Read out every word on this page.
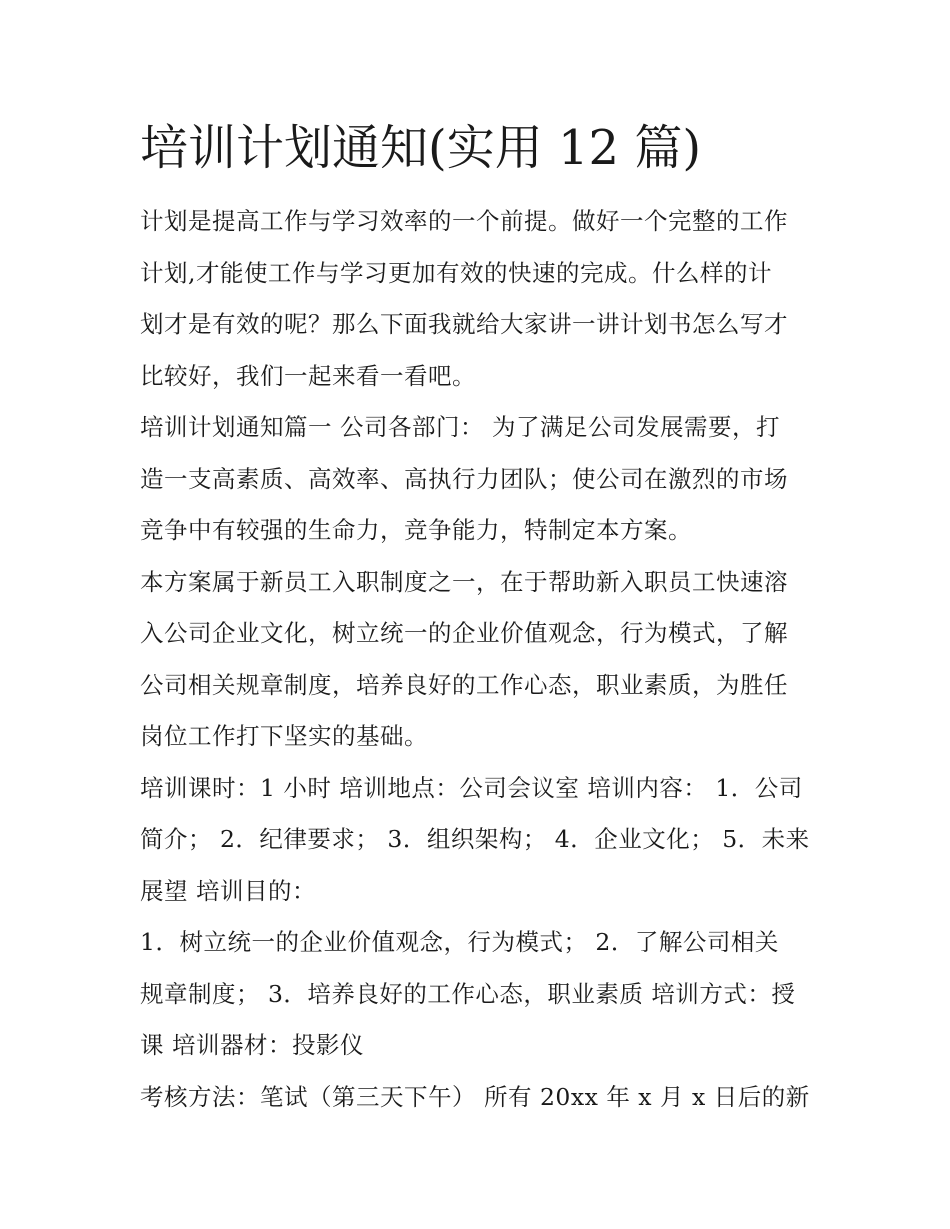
培训计划通知(实用 12 篇)
计划是提高工作与学习效率的一个前提。做好一个完整的工作
计划,才能使工作与学习更加有效的快速的完成。什么样的计
划才是有效的呢？那么下面我就给大家讲一讲计划书怎么写才
比较好，我们一起来看一看吧。
培训计划通知篇一 公司各部门： 为了满足公司发展需要，打
造一支高素质、高效率、高执行力团队；使公司在激烈的市场
竞争中有较强的生命力，竞争能力，特制定本方案。
本方案属于新员工入职制度之一，在于帮助新入职员工快速溶
入公司企业文化，树立统一的企业价值观念，行为模式，了解
公司相关规章制度，培养良好的工作心态，职业素质，为胜任
岗位工作打下坚实的基础。
培训课时：1 小时 培训地点：公司会议室 培训内容： 1．公司
简介； 2．纪律要求； 3．组织架构； 4．企业文化； 5．未来
展望 培训目的：
1．树立统一的企业价值观念，行为模式； 2．了解公司相关
规章制度； 3．培养良好的工作心态，职业素质 培训方式：授
课 培训器材：投影仪
考核方法：笔试（第三天下午） 所有 20xx 年 x 月 x 日后的新
